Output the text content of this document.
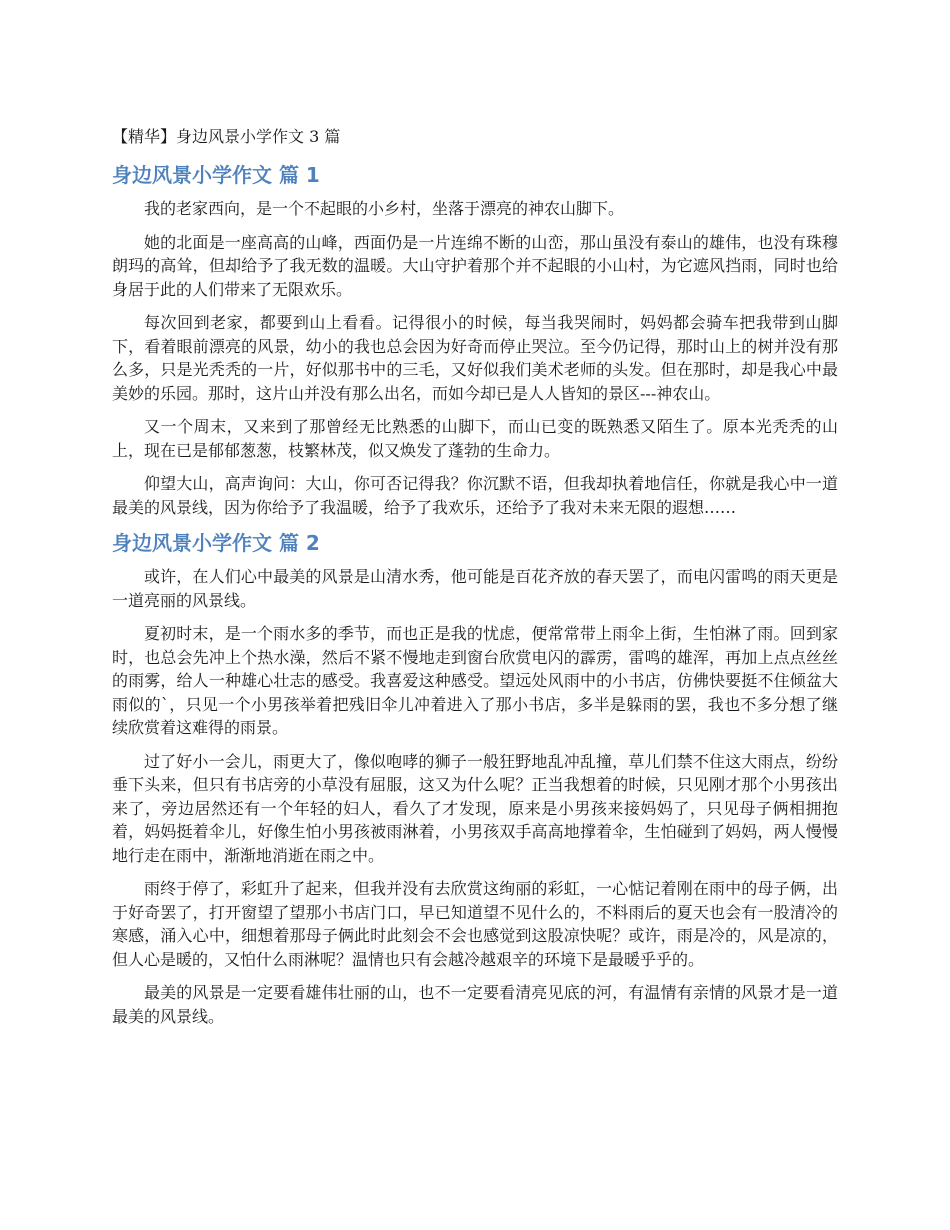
【精华】身边风景小学作文 3 篇
身边风景小学作文 篇 1

我的老家西向，是一个不起眼的小乡村，坐落于漂亮的神农山脚下。

她的北面是一座高高的山峰，西面仍是一片连绵不断的山峦，那山虽没有泰山的雄伟，也没有珠穆朗玛的高耸，但却给予了我无数的温暖。大山守护着那个并不起眼的小山村，为它遮风挡雨，同时也给身居于此的人们带来了无限欢乐。

每次回到老家，都要到山上看看。记得很小的时候，每当我哭闹时，妈妈都会骑车把我带到山脚下，看着眼前漂亮的风景，幼小的我也总会因为好奇而停止哭泣。至今仍记得，那时山上的树并没有那么多，只是光秃秃的一片，好似那书中的三毛，又好似我们美术老师的头发。但在那时，却是我心中最美妙的乐园。那时，这片山并没有那么出名，而如今却已是人人皆知的景区---神农山。

又一个周末，又来到了那曾经无比熟悉的山脚下，而山已变的既熟悉又陌生了。原本光秃秃的山上，现在已是郁郁葱葱，枝繁林茂，似又焕发了蓬勃的生命力。

仰望大山，高声询问：大山，你可否记得我？你沉默不语，但我却执着地信任，你就是我心中一道最美的风景线，因为你给予了我温暖，给予了我欢乐，还给予了我对未来无限的遐想……

身边风景小学作文 篇 2

或许，在人们心中最美的风景是山清水秀，他可能是百花齐放的春天罢了，而电闪雷鸣的雨天更是一道亮丽的风景线。

夏初时末，是一个雨水多的季节，而也正是我的忧虑，便常常带上雨伞上街，生怕淋了雨。回到家时，也总会先冲上个热水澡，然后不紧不慢地走到窗台欣赏电闪的霹雳，雷鸣的雄浑，再加上点点丝丝的雨雾，给人一种雄心壮志的感受。我喜爱这种感受。望远处风雨中的小书店，仿佛快要挺不住倾盆大雨似的`，只见一个小男孩举着把残旧伞儿冲着进入了那小书店，多半是躲雨的罢，我也不多分想了继续欣赏着这难得的雨景。

过了好小一会儿，雨更大了，像似咆哮的狮子一般狂野地乱冲乱撞，草儿们禁不住这大雨点，纷纷垂下头来，但只有书店旁的小草没有屈服，这又为什么呢？正当我想着的时候，只见刚才那个小男孩出来了，旁边居然还有一个年轻的妇人，看久了才发现，原来是小男孩来接妈妈了，只见母子俩相拥抱着，妈妈挺着伞儿，好像生怕小男孩被雨淋着，小男孩双手高高地撑着伞，生怕碰到了妈妈，两人慢慢地行走在雨中，渐渐地消逝在雨之中。

雨终于停了，彩虹升了起来，但我并没有去欣赏这绚丽的彩虹，一心惦记着刚在雨中的母子俩，出于好奇罢了，打开窗望了望那小书店门口，早已知道望不见什么的，不料雨后的夏天也会有一股清冷的寒感，涌入心中，细想着那母子俩此时此刻会不会也感觉到这股凉快呢？或许，雨是冷的，风是凉的，但人心是暖的，又怕什么雨淋呢？温情也只有会越冷越艰辛的环境下是最暖乎乎的。

最美的风景是一定要看雄伟壮丽的山，也不一定要看清亮见底的河，有温情有亲情的风景才是一道最美的风景线。
